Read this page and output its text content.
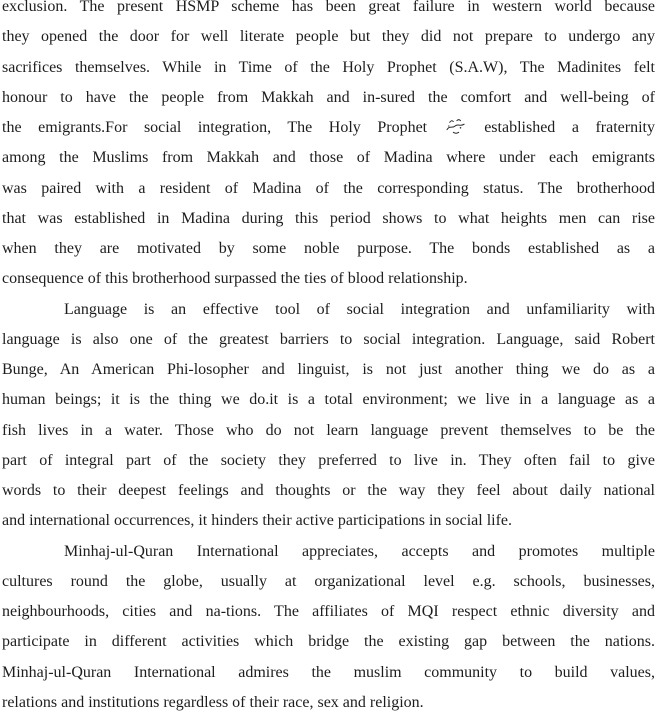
exclusion. The present HSMP scheme has been great failure in western world because
they opened the door for well literate people but they did not prepare to undergo any
sacrifices themselves. While in Time of the Holy Prophet (S.A.W), The Madinites felt
honour to have the people from Makkah and in-sured the comfort and well-being of
the emigrants.For social integration, The Holy Prophet
established a fraternity
among the Muslims from Makkah and those of Madina where under each emigrants
was paired with a resident of Madina of the corresponding status. The brotherhood
that was established in Madina during this period shows to what heights men can rise
when they are motivated by some noble purpose. The bonds established as a
consequence of this brotherhood surpassed the ties of blood relationship.
Language is an effective tool of social integration and unfamiliarity with
language is also one of the greatest barriers to social integration. Language, said Robert
Bunge, An American Phi-losopher and linguist, is not just another thing we do as a
human beings; it is the thing we do.it is a total environment; we live in a language as a
fish lives in a water. Those who do not learn language prevent themselves to be the
part of integral part of the society they preferred to live in. They often fail to give
words to their deepest feelings and thoughts or the way they feel about daily national
and international occurrences, it hinders their active participations in social life.
Minhaj-ul-Quran International appreciates, accepts and promotes multiple
cultures round the globe, usually at organizational level e.g. schools, businesses,
neighbourhoods, cities and na-tions. The affiliates of MQI respect ethnic diversity and
participate in different activities which bridge the existing gap between the nations.
Minhaj-ul-Quran International admires the muslim community to build values,
relations and institutions regardless of their race, sex and religion.
